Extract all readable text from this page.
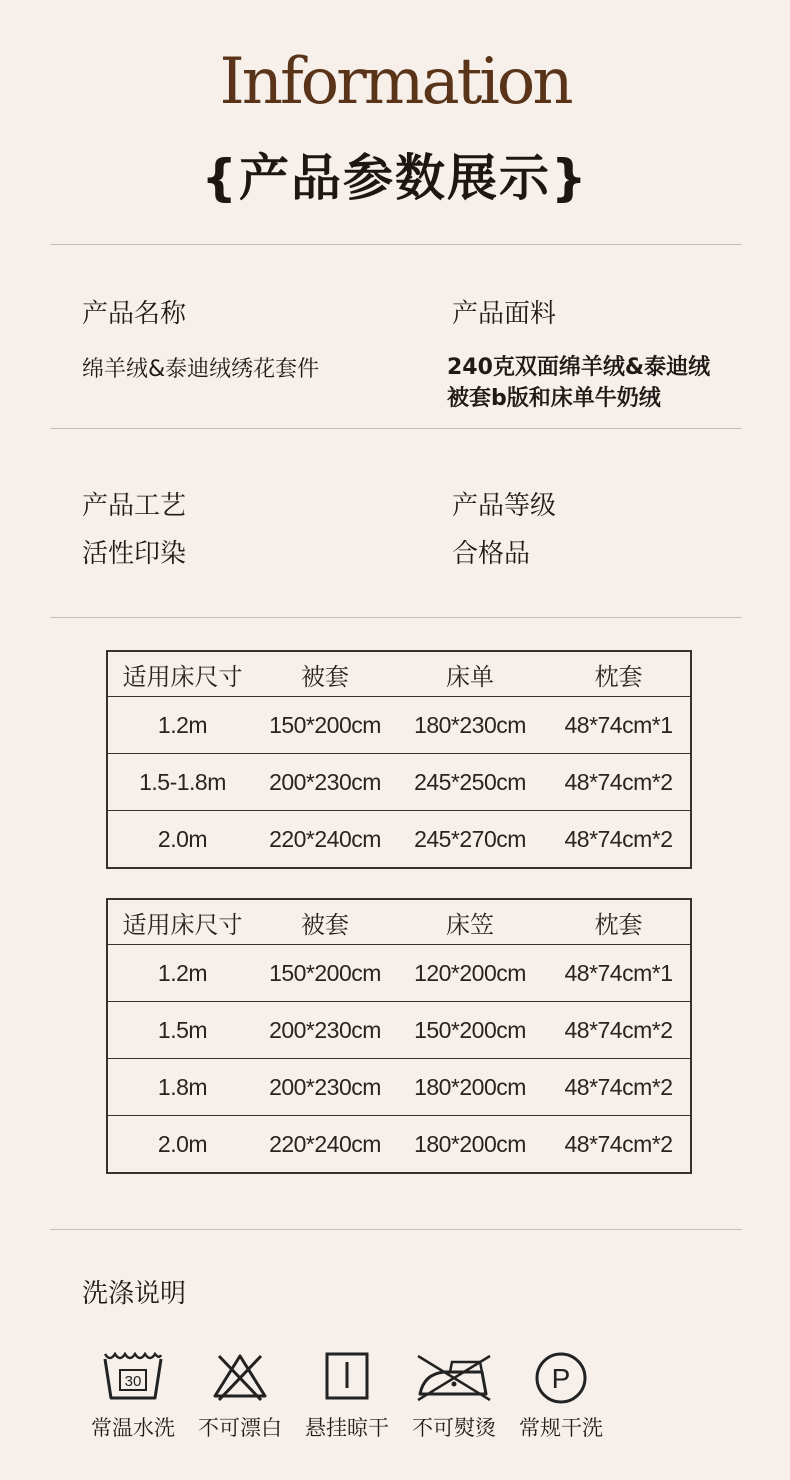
Information
{产品参数展示}
产品名称	产品面料
绵羊绒&泰迪绒绣花套件	240克双面绵羊绒&泰迪绒
被套b版和床单牛奶绒
产品工艺	产品等级
活性印染	合格品
适用床尺寸	被套	床单	枕套
1.2m	150*200cm	180*230cm	48*74cm*1
1.5-1.8m	200*230cm	245*250cm	48*74cm*2
2.0m	220*240cm	245*270cm	48*74cm*2
适用床尺寸	被套	床笠	枕套
1.2m	150*200cm	120*200cm	48*74cm*1
1.5m	200*230cm	150*200cm	48*74cm*2
1.8m	200*230cm	180*200cm	48*74cm*2
2.0m	220*240cm	180*200cm	48*74cm*2
洗涤说明
30
常温水洗	不可漂白	悬挂晾干	不可熨烫
P
常规干洗
